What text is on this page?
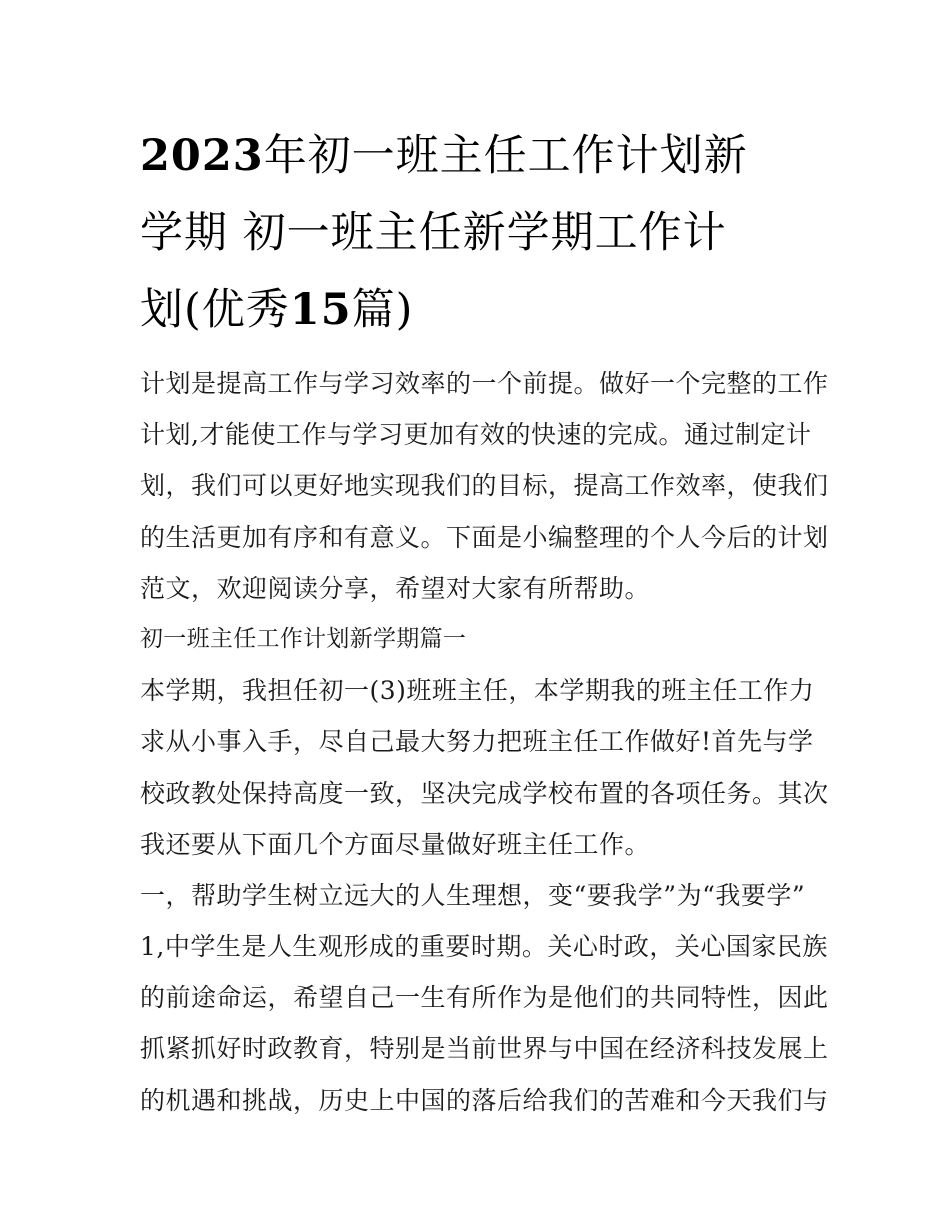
2023年初一班主任工作计划新
学期 初一班主任新学期工作计
划(优秀15篇)
计划是提高工作与学习效率的一个前提。做好一个完整的工作
计划,才能使工作与学习更加有效的快速的完成。通过制定计
划，我们可以更好地实现我们的目标，提高工作效率，使我们
的生活更加有序和有意义。下面是小编整理的个人今后的计划
范文，欢迎阅读分享，希望对大家有所帮助。
初一班主任工作计划新学期篇一
本学期，我担任初一(3)班班主任，本学期我的班主任工作力
求从小事入手，尽自己最大努力把班主任工作做好!首先与学
校政教处保持高度一致，坚决完成学校布置的各项任务。其次
我还要从下面几个方面尽量做好班主任工作。
一，帮助学生树立远大的人生理想，变“要我学”为“我要学”
1,中学生是人生观形成的重要时期。关心时政，关心国家民族
的前途命运，希望自己一生有所作为是他们的共同特性，因此
抓紧抓好时政教育，特别是当前世界与中国在经济科技发展上
的机遇和挑战，历史上中国的落后给我们的苦难和今天我们与
